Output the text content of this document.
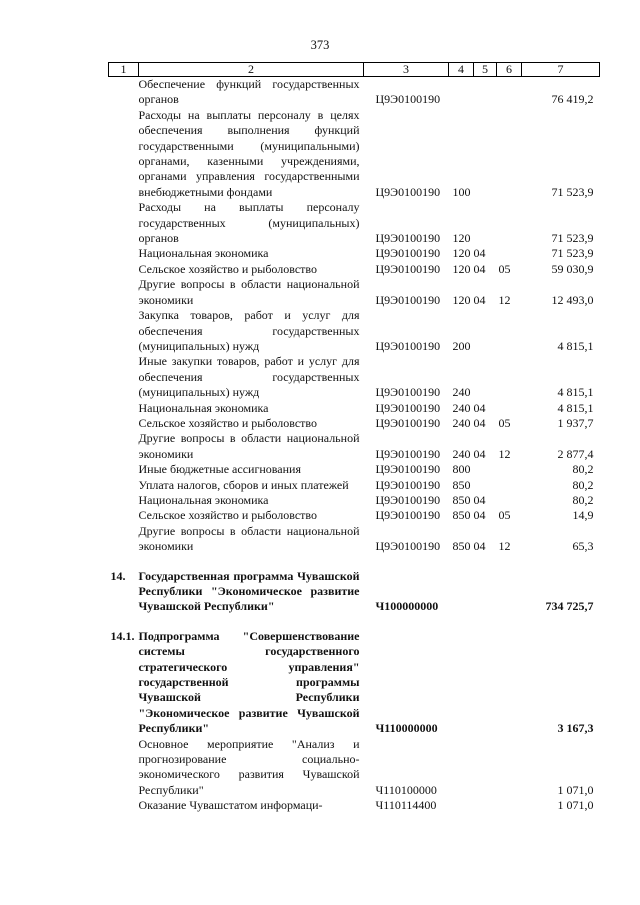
373
1	2	3	4	5	6	7
	Обеспечение функций государственных органов	Ц9Э0100190				76 419,2
	Расходы на выплаты персоналу в целях обеспечения выполнения функций государственными (муниципальными) органами, казенными учреждениями, органами управления государственными внебюджетными фондами	Ц9Э0100190	100			71 523,9
	Расходы на выплаты персоналу государственных (муниципальных) органов	Ц9Э0100190	120			71 523,9
	Национальная экономика	Ц9Э0100190	120	04		71 523,9
	Сельское хозяйство и рыболовство	Ц9Э0100190	120	04	05	59 030,9
	Другие вопросы в области национальной экономики	Ц9Э0100190	120	04	12	12 493,0
	Закупка товаров, работ и услуг для обеспечения государственных (муниципальных) нужд	Ц9Э0100190	200			4 815,1
	Иные закупки товаров, работ и услуг для обеспечения государственных (муниципальных) нужд	Ц9Э0100190	240			4 815,1
	Национальная экономика	Ц9Э0100190	240	04		4 815,1
	Сельское хозяйство и рыболовство	Ц9Э0100190	240	04	05	1 937,7
	Другие вопросы в области национальной экономики	Ц9Э0100190	240	04	12	2 877,4
	Иные бюджетные ассигнования	Ц9Э0100190	800			80,2
	Уплата налогов, сборов и иных платежей	Ц9Э0100190	850			80,2
	Национальная экономика	Ц9Э0100190	850	04		80,2
	Сельское хозяйство и рыболовство	Ц9Э0100190	850	04	05	14,9
	Другие вопросы в области национальной экономики	Ц9Э0100190	850	04	12	65,3

14.	Государственная программа Чувашской Республики "Экономическое развитие Чувашской Республики"	Ч100000000				734 725,7

14.1.	Подпрограмма "Совершенствование системы государственного стратегического управления" государственной программы Чувашской Республики "Экономическое развитие Чувашской Республики"	Ч110000000				3 167,3
	Основное мероприятие "Анализ и прогнозирование социально-экономического развития Чувашской Республики"	Ч110100000				1 071,0
	Оказание Чувашстатом информаци-	Ч110114400				1 071,0
